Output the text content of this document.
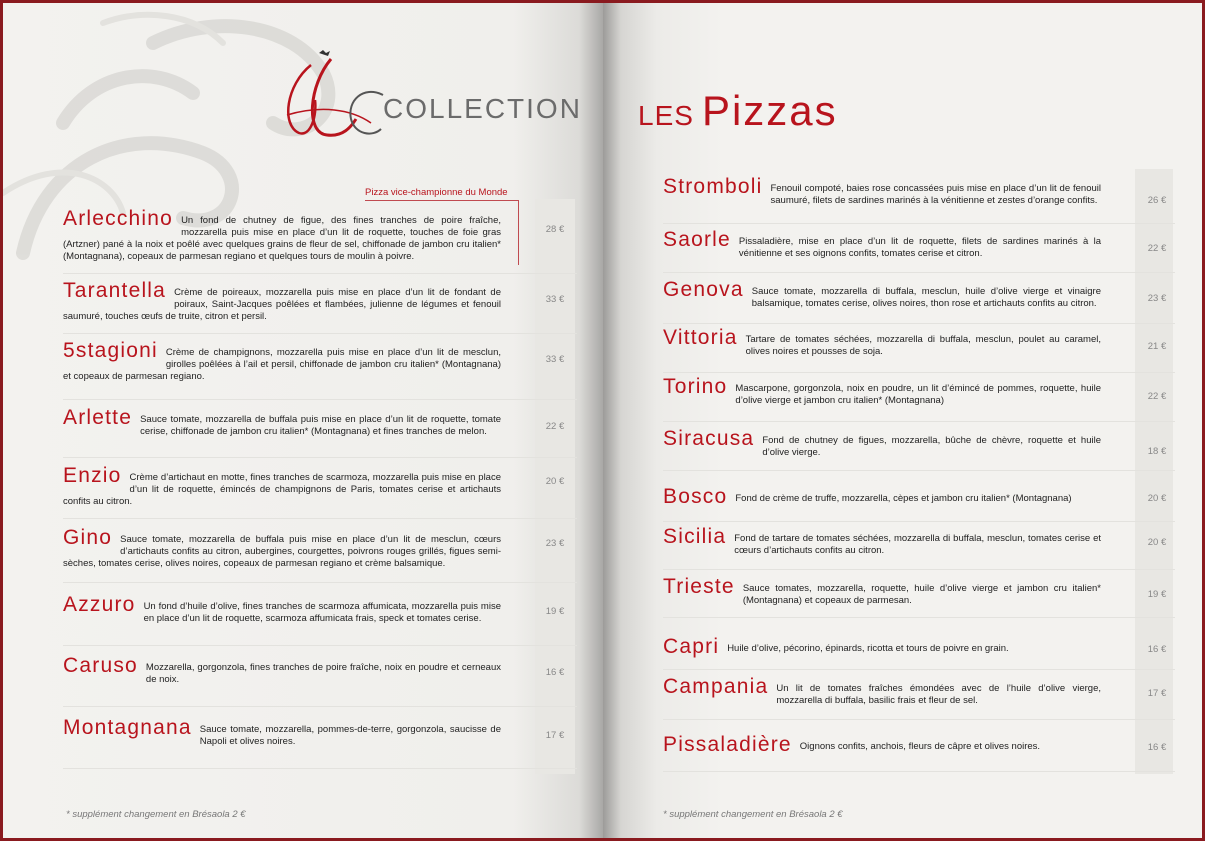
COLLECTION
Pizza vice-championne du Monde
Arlecchino Un fond de chutney de figue, des fines tranches de poire fraîche, mozzarella puis mise en place d’un lit de roquette, touches de foie gras (Artzner) pané à la noix et poêlé avec quelques grains de fleur de sel, chiffonade de jambon cru italien* (Montagnana), copeaux de parmesan regiano et quelques tours de moulin à poivre.
28 €
Tarantella Crème de poireaux, mozzarella puis mise en place d’un lit de fondant de poiraux, Saint-Jacques poêlées et flambées, julienne de légumes et fenouil saumuré, touches œufs de truite, citron et persil.
33 €
5stagioni Crème de champignons, mozzarella puis mise en place d’un lit de mesclun, girolles poêlées à l’ail et persil, chiffonade de jambon cru italien* (Montagnana) et copeaux de parmesan regiano.
33 €
Arlette Sauce tomate, mozzarella de buffala puis mise en place d’un lit de roquette, tomate cerise, chiffonade de jambon cru italien* (Montagnana) et fines tranches de melon.	22 €
Enzio Crème d’artichaut en motte, fines tranches de scarmoza, mozzarella puis mise en place d’un lit de roquette, émincés de champignons de Paris, tomates cerise et artichauts confits au citron.
20 €
Gino Sauce tomate, mozzarella de buffala puis mise en place d’un lit de mesclun, cœurs d’artichauts confits au citron, aubergines, courgettes, poivrons rouges grillés, figues semi-sèches, tomates cerise, olives noires, copeaux de parmesan regiano et crème balsamique.
23 €
Azzuro Un fond d’huile d’olive, fines tranches de scarmoza affumicata, mozzarella puis mise en place d’un lit de roquette, scarmoza affumicata frais, speck et tomates cerise.
19 €
Caruso Mozzarella, gorgonzola, fines tranches de poire fraîche, noix en poudre et cerneaux de noix.
16 €
Montagnana Sauce tomate, mozzarella, pommes-de-terre, gorgonzola, saucisse de Napoli et olives noires.
17 €
* supplément changement en Brésaola 2 €
LES Pizzas
Stromboli Fenouil compoté, baies rose concassées puis mise en place d’un lit de fenouil saumuré, filets de sardines marinés à la vénitienne et zestes d’orange confits.	26 €
Saorle Pissaladière, mise en place d’un lit de roquette, filets de sardines marinés à la vénitienne et ses oignons confits, tomates cerise et citron.	22 €
Genova Sauce tomate, mozzarella di buffala, mesclun, huile d’olive vierge et vinaigre balsamique, tomates cerise, olives noires, thon rose et artichauts confits au citron.	23 €
Vittoria Tartare de tomates séchées, mozzarella di buffala, mesclun, poulet au caramel, olives noires et pousses de soja.	21 €
Torino Mascarpone, gorgonzola, noix en poudre, un lit d’émincé de pommes, roquette, huile d’olive vierge et jambon cru italien* (Montagnana)	22 €
Siracusa Fond de chutney de figues, mozzarella, bûche de chèvre, roquette et huile d’olive vierge.	18 €
Bosco Fond de crème de truffe, mozzarella, cèpes et jambon cru italien* (Montagnana)	20 €
Sicilia Fond de tartare de tomates séchées, mozzarella di buffala, mesclun, tomates cerise et cœurs d’artichauts confits au citron.
20 €
Trieste Sauce tomates, mozzarella, roquette, huile d’olive vierge et jambon cru italien* (Montagnana) et copeaux de parmesan.
19 €
Capri Huile d’olive, pécorino, épinards, ricotta et tours de poivre en grain.	16 €
Campania Un lit de tomates fraîches émondées avec de l’huile d’olive vierge, mozzarella di buffala, basilic frais et fleur de sel.
17 €
Pissaladière Oignons confits, anchois, fleurs de câpre et olives noires.	16 €
* supplément changement en Brésaola 2 €
